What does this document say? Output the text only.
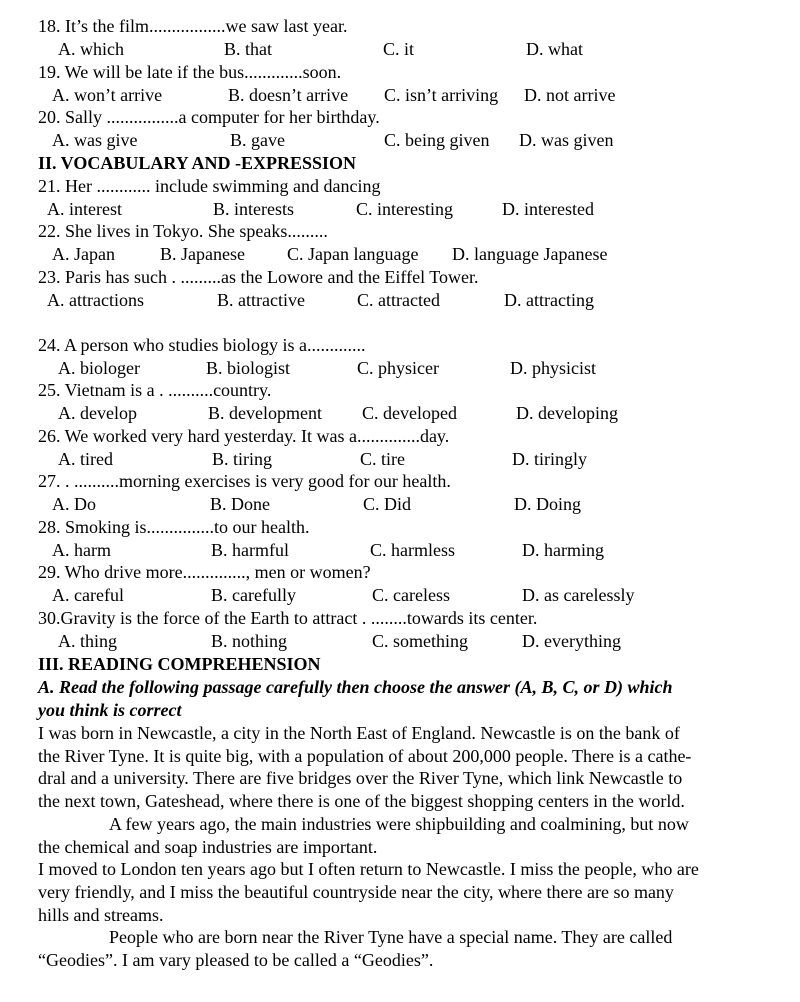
18. It’s the film.................we saw last year.
A. which	B. that	C. it	D. what
19. We will be late if the bus.............soon.
A. won’t arrive	B. doesn’t arrive C. isn’t arriving D. not arrive
20. Sally ................a computer for her birthday.
A. was give	B. gave	C. being given D. was given
II. VOCABULARY AND -EXPRESSION
21. Her ............ include swimming and dancing
A. interest	B. interests	C. interesting	D. interested
22. She lives in Tokyo. She speaks.........
A. Japan	B. Japanese C. Japan language D. language Japanese
23. Paris has such . .........as the Lowore and the Eiffel Tower.
A. attractions	B. attractive	C. attracted	D. attracting
24. A person who studies biology is a.............
A. biologer	B. biologist	C. physicer	D. physicist
25. Vietnam is a . ..........country.
A. develop	B. development C. developed	D. developing
26. We worked very hard yesterday. It was a..............day.
A. tired	B. tiring	C. tire	D. tiringly
27. . ..........morning exercises is very good for our health.
A. Do	B. Done	C. Did	D. Doing
28. Smoking is...............to our health.
A. harm	B. harmful	C. harmless	D. harming
29. Who drive more.............., men or women?
A. careful	B. carefully	C. careless	D. as carelessly
30.Gravity is the force of the Earth to attract . ........towards its center.
A. thing	B. nothing	C. something	D. everything
III. READING COMPREHENSION
A. Read the following passage carefully then choose the answer (A, B, C, or D) which
you think is correct
I was born in Newcastle, a city in the North East of England. Newcastle is on the bank of
the River Tyne. It is quite big, with a population of about 200,000 people. There is a cathe-
dral and a university. There are five bridges over the River Tyne, which link Newcastle to
the next town, Gateshead, where there is one of the biggest shopping centers in the world.
A few years ago, the main industries were shipbuilding and coalmining, but now
the chemical and soap industries are important.
I moved to London ten years ago but I often return to Newcastle. I miss the people, who are
very friendly, and I miss the beautiful countryside near the city, where there are so many
hills and streams.
People who are born near the River Tyne have a special name. They are called
“Geodies”. I am vary pleased to be called a “Geodies”.
